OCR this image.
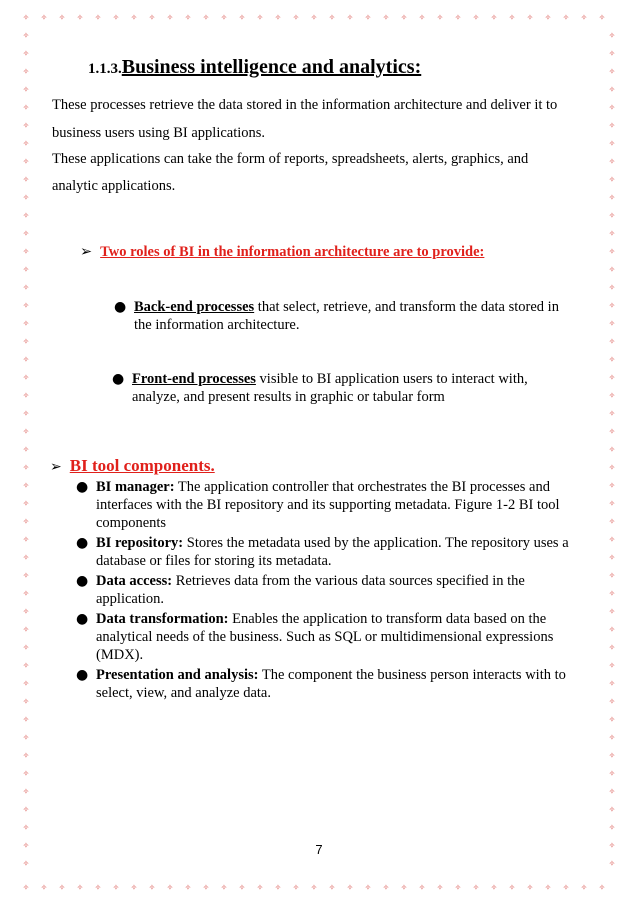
✧
✧
✧
✧
✧
✧
✧
✧
✧
✧
✧
✧
✧
✧
✧
✧
✧
✧
✧
✧
✧
✧
✧
✧
✧
✧
✧
✧
✧
✧
✧
✧
✧
✧
✧
✧
✧
✧
✧
✧
✧
✧
✧
✧
✧
✧
✧
✧
✧
✧
✧
✧
✧
✧
✧
✧
✧
✧
✧
✧
✧
✧
✧
✧
✧
✧
✧	✧
✧	✧
✧	✧
✧	✧
✧	✧
✧	✧
✧	✧
✧	✧
✧	✧
✧	✧
✧	✧
✧	✧
✧	✧
✧	✧
✧	✧
✧	✧
✧	✧
✧	✧
✧	✧
✧	✧
✧	✧
✧	✧
✧	✧
✧	✧
✧	✧
✧	✧
✧	✧
✧	✧
✧	✧
✧	✧
✧	✧
✧	✧
✧	✧
✧	✧
✧	✧
✧	✧
✧	✧
✧	✧
✧	✧
✧	✧
✧	✧
✧	✧
✧	✧
✧	✧
✧	✧
✧	✧
✧	✧
1.1.3.Business intelligence and analytics:
These processes retrieve the data stored in the information architecture and deliver it to
business users using BI applications.
These applications can take the form of reports, spreadsheets, alerts, graphics, and
analytic applications.
➢ Two roles of BI in the information architecture are to provide:
● Back-end processes that select, retrieve, and transform the data stored in
the information architecture.
● Front-end processes visible to BI application users to interact with,
analyze, and present results in graphic or tabular form
➢ BI tool components.
● BI manager: The application controller that orchestrates the BI processes and interfaces with the BI repository and its supporting metadata. Figure 1-2 BI tool components
● BI repository: Stores the metadata used by the application. The repository uses a database or files for storing its metadata.
● Data access: Retrieves data from the various data sources specified in the application.
● Data transformation: Enables the application to transform data based on the analytical needs of the business. Such as SQL or multidimensional expressions (MDX).
● Presentation and analysis: The component the business person interacts with to select, view, and analyze data.
7
